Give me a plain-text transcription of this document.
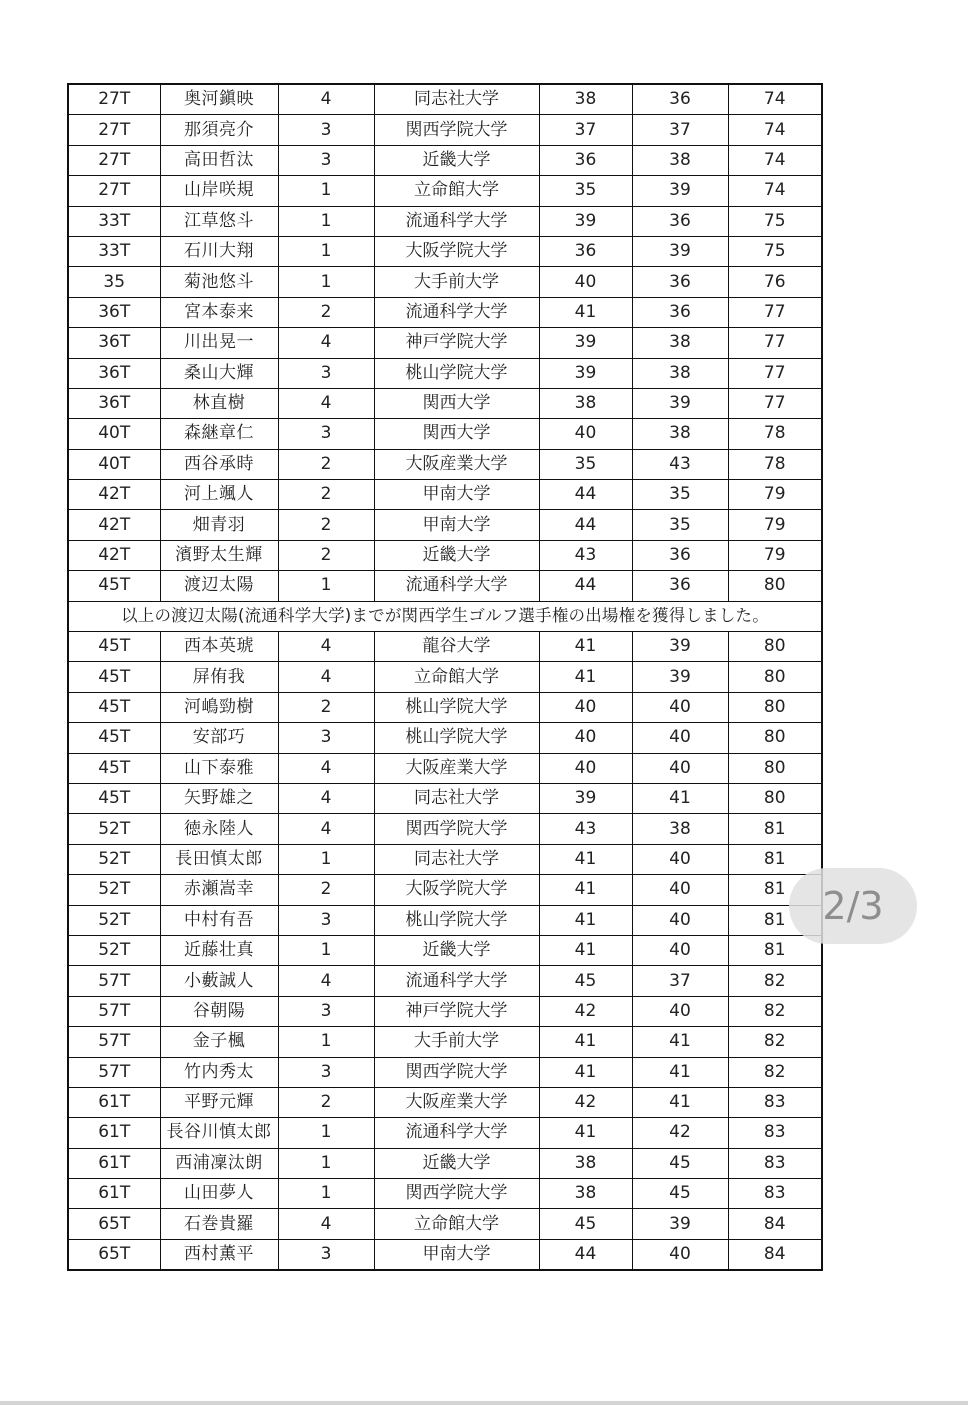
27T	奥河鎭映	4	同志社大学	38	36	74
27T	那須亮介	3	関西学院大学	37	37	74
27T	高田哲汰	3	近畿大学	36	38	74
27T	山岸咲規	1	立命館大学	35	39	74
33T	江草悠斗	1	流通科学大学	39	36	75
33T	石川大翔	1	大阪学院大学	36	39	75
35	菊池悠斗	1	大手前大学	40	36	76
36T	宮本泰来	2	流通科学大学	41	36	77
36T	川出晃一	4	神戸学院大学	39	38	77
36T	桑山大輝	3	桃山学院大学	39	38	77
36T	林直樹	4	関西大学	38	39	77
40T	森継章仁	3	関西大学	40	38	78
40T	西谷承時	2	大阪産業大学	35	43	78
42T	河上颯人	2	甲南大学	44	35	79
42T	畑青羽	2	甲南大学	44	35	79
42T	濱野太生輝	2	近畿大学	43	36	79
45T	渡辺太陽	1	流通科学大学	44	36	80
以上の渡辺太陽(流通科学大学)までが関西学生ゴルフ選手権の出場権を獲得しました。						
45T	西本英琥	4	龍谷大学	41	39	80
45T	屏侑我	4	立命館大学	41	39	80
45T	河嶋勁樹	2	桃山学院大学	40	40	80
45T	安部巧	3	桃山学院大学	40	40	80
45T	山下泰雅	4	大阪産業大学	40	40	80
45T	矢野雄之	4	同志社大学	39	41	80
52T	徳永陸人	4	関西学院大学	43	38	81
52T	長田慎太郎	1	同志社大学	41	40	81
52T	赤瀬嵩幸	2	大阪学院大学	41	40	81
52T	中村有吾	3	桃山学院大学	41	40	81
52T	近藤壮真	1	近畿大学	41	40	81
57T	小藪誠人	4	流通科学大学	45	37	82
57T	谷朝陽	3	神戸学院大学	42	40	82
57T	金子楓	1	大手前大学	41	41	82
57T	竹内秀太	3	関西学院大学	41	41	82
61T	平野元輝	2	大阪産業大学	42	41	83
61T	長谷川慎太郎	1	流通科学大学	41	42	83
61T	西浦凜汰朗	1	近畿大学	38	45	83
61T	山田夢人	1	関西学院大学	38	45	83
65T	石巻貴羅	4	立命館大学	45	39	84
65T	西村薫平	3	甲南大学	44	40	84
2/3
